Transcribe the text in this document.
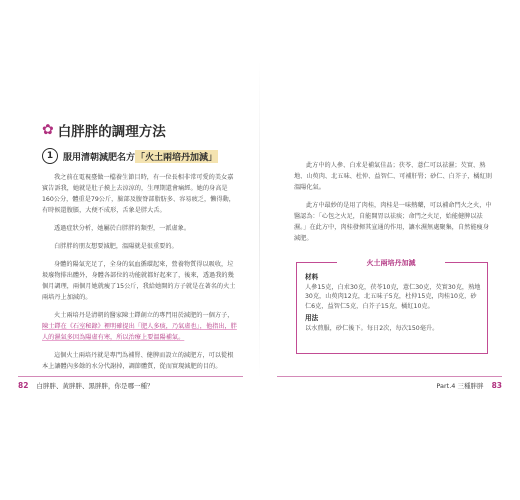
✿ 白胖胖的調理方法
1	服用清朝減肥名方 「火土兩培丹加減」

我之前在電視臺做一檔養生節目時，有一位長相非常可愛的美女嘉賓告訴我，她就是肚子摸上去涼涼的，生理期還會痛經。她的身高是160公分，體重是79公斤，臉部及腹脊部脂肪多、容易疲乏，懶得動，有時候還腹脹，大便不成形，舌象是胖大舌。

透過症狀分析，她屬於白胖胖的類型，一派虛象。

白胖胖的朋友想要減肥，溫陽就是很重要的。

身體的陽氣充足了，全身的氣血循環起來，營養物質得以吸收，垃圾廢物排出體外，身體各部位的功能就都好起來了，後來，透過我的幾個月調理，兩個月她就瘦了15公斤，我給她開的方子就是在著名的火土兩培丹上加減的。

火土兩培丹是清朝的醫家陳士鐸創立的專門用於減肥的一個方子，陳士鐸在《石室秘錄》裡明確提出「肥人多痰，乃氣虛也」，他指出，胖人的濕氣多因為陽虛有寒，所以治療上要溫陽補氣。

這個火土兩培丹就是專門為補腎、健脾而設立的減肥方，可以從根本上讓體內多餘的水分代謝掉，調節體質，從而實現減肥的目的。

82 白胖胖、黃胖胖、黑胖胖，你是哪一種？

此方中的人參、白朮是補氣佳品；茯苓、薏仁可以祛濕；芡實、熟地、山萸肉、北五味、杜仲、益智仁、可補肝腎；砂仁、白芥子，橘紅則溫陽化氣。

此方中最妙的是用了肉桂，肉桂是一味熱藥，可以補命門火之火，中醫認為：「心包之火足，自能開胃以祛痰；命門之火足，始能健脾以祛濕。」在此方中，肉桂發揮其宣通的作用，讓水濕無處聚集，自然能瘦身減肥。

火土兩培丹加減
材料
人參15克，白朮30克，茯苓10克，薏仁30克，芡實30克，熟地30克，山萸肉12克，北五味子5克，杜仲15克，肉桂10克，砂仁6克，益智仁5克，白芥子15克，橘紅10克。
用法
以水煎服，砂仁後下。每日2次，每次150毫升。
Part.4 三種胖胖 83
